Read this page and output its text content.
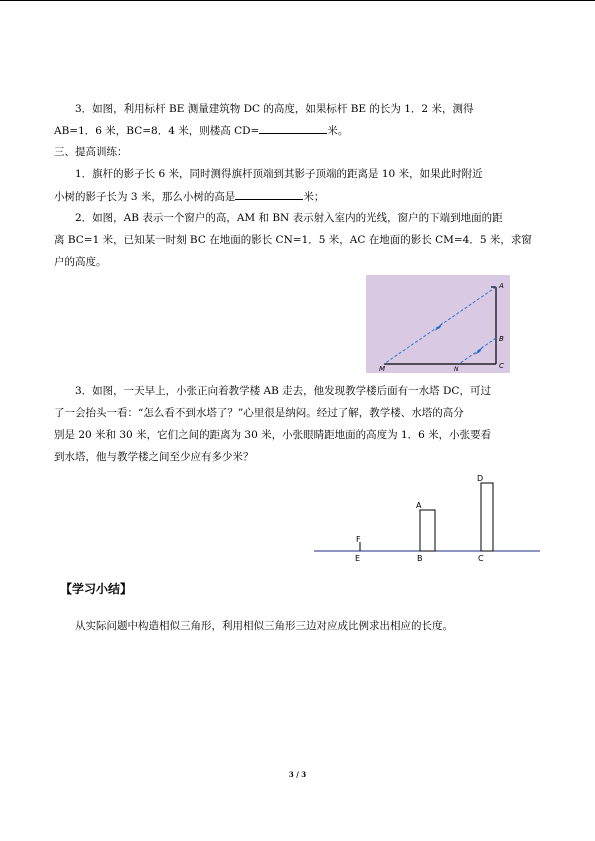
3．如图，利用标杆 BE 测量建筑物 DC 的高度，如果标杆 BE 的长为 1．2 米，测得
AB=1．6 米，BC=8．4 米，则楼高 CD=	米。
三、提高训练：
1．旗杆的影子长 6 米，同时测得旗杆顶端到其影子顶端的距离是 10 米，如果此时附近
小树的影子长为 3 米，那么小树的高是	米；
2．如图，AB 表示一个窗户的高，AM 和 BN 表示射入室内的光线，窗户的下端到地面的距
离 BC=1 米，已知某一时刻 BC 在地面的影长 CN=1．5 米，AC 在地面的影长 CM=4．5 米，求窗
户的高度。
A
B
C
M	N
3．如图，一天早上，小张正向着教学楼 AB 走去，他发现教学楼后面有一水塔 DC，可过
了一会抬头一看：“怎么看不到水塔了？”心里很是纳闷。经过了解，教学楼、水塔的高分
别是 20 米和 30 米，它们之间的距离为 30 米，小张眼睛距地面的高度为 1．6 米，小张要看
到水塔，他与教学楼之间至少应有多少米？
F
E
A
B
D
C
【学习小结】
从实际问题中构造相似三角形，利用相似三角形三边对应成比例求出相应的长度。
3 / 3
